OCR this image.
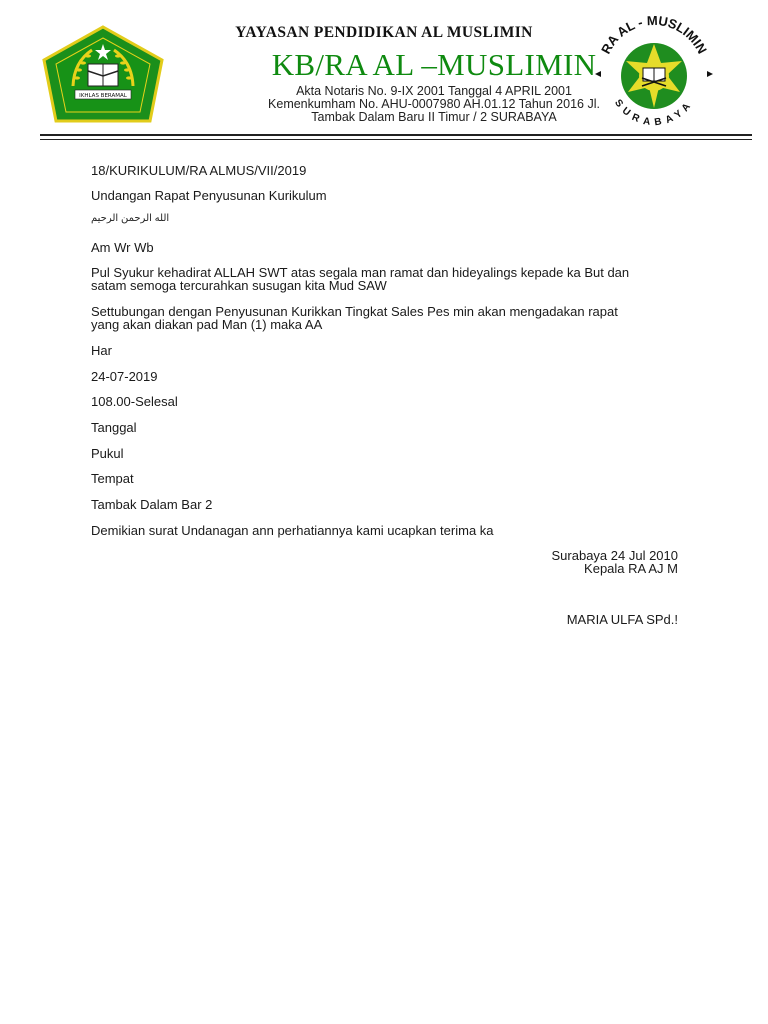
IKHLAS BERAMAL
RA AL - MUSLIMIN
SURABAYA
YAYASAN PENDIDIKAN AL MUSLIMIN
KB/RA AL –MUSLIMIN
Akta Notaris No. 9-IX 2001 Tanggal 4 APRIL 2001
Kemenkumham No. AHU-0007980 AH.01.12 Tahun 2016 Jl.
Tambak Dalam Baru II Timur / 2 SURABAYA
18/KURIKULUM/RA ALMUS/VII/2019
Undangan Rapat Penyusunan Kurikulum
الله الرحمن الرحيم
Am Wr Wb
Pul Syukur kehadirat ALLAH SWT atas segala man ramat dan hideyalings kepade ka But dan
satam semoga tercurahkan susugan kita Mud SAW
Settubungan dengan Penyusunan Kurikkan Tingkat Sales Pes min akan mengadakan rapat
yang akan diakan pad Man (1) maka AA
Har
24-07-2019
108.00-Selesal
Tanggal
Pukul
Tempat
Tambak Dalam Bar 2
Demikian surat Undanagan ann perhatiannya kami ucapkan terima ka
Surabaya 24 Jul 2010
Kepala RA AJ M
MARIA ULFA SPd.!
